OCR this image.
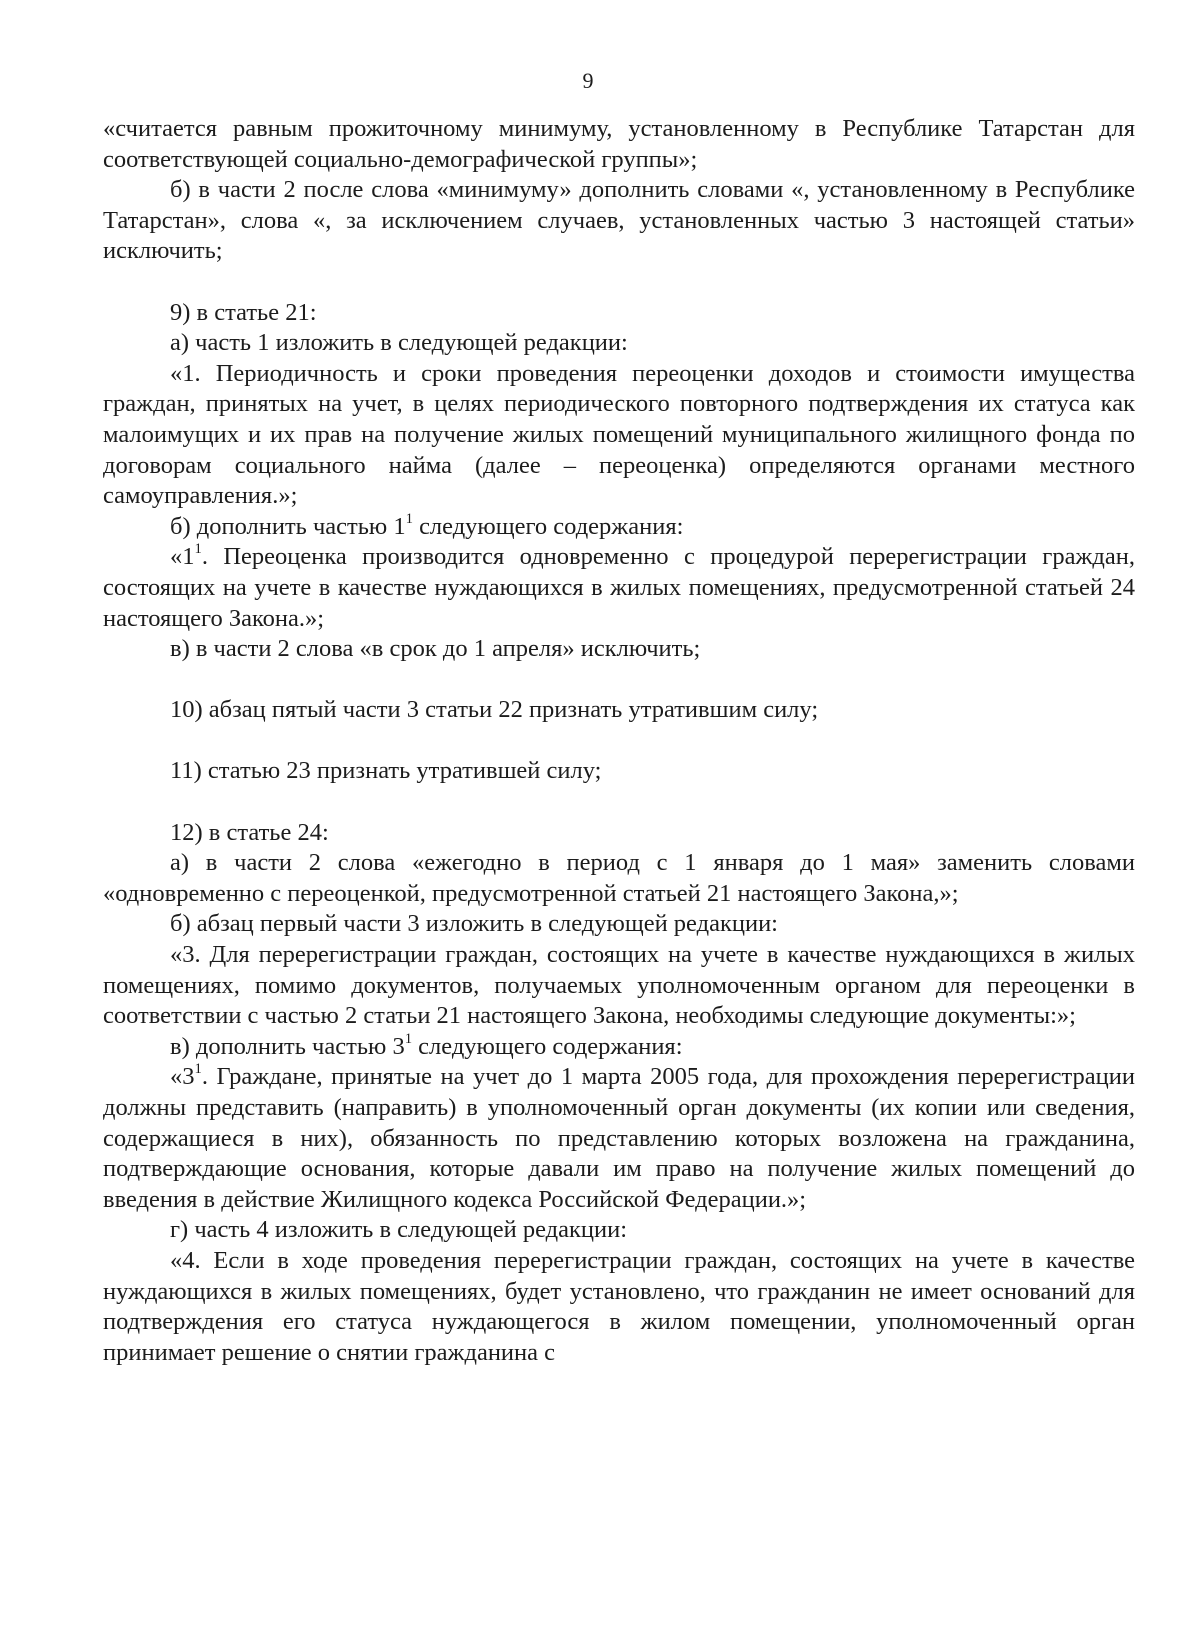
9

«считается равным прожиточному минимуму, установленному в Республике Татарстан для соответствующей социально-демографической группы»;

б) в части 2 после слова «минимуму» дополнить словами «, установленному в Республике Татарстан», слова «, за исключением случаев, установленных частью 3 настоящей статьи» исключить;

9) в статье 21:

а) часть 1 изложить в следующей редакции:

«1. Периодичность и сроки проведения переоценки доходов и стоимости имущества граждан, принятых на учет, в целях периодического повторного подтверждения их статуса как малоимущих и их прав на получение жилых помещений муниципального жилищного фонда по договорам социального найма (далее – переоценка) определяются органами местного самоуправления.»;

б) дополнить частью $1^1$ следующего содержания:

«$1^1$. Переоценка производится одновременно с процедурой перерегистрации граждан, состоящих на учете в качестве нуждающихся в жилых помещениях, предусмотренной статьей 24 настоящего Закона.»;

в) в части 2 слова «в срок до 1 апреля» исключить;

10) абзац пятый части 3 статьи 22 признать утратившим силу;

11) статью 23 признать утратившей силу;

12) в статье 24:

а) в части 2 слова «ежегодно в период с 1 января до 1 мая» заменить словами «одновременно с переоценкой, предусмотренной статьей 21 настоящего Закона,»;

б) абзац первый части 3 изложить в следующей редакции:

«3. Для перерегистрации граждан, состоящих на учете в качестве нуждающихся в жилых помещениях, помимо документов, получаемых уполномоченным органом для переоценки в соответствии с частью 2 статьи 21 настоящего Закона, необходимы следующие документы:»;

в) дополнить частью $3^1$ следующего содержания:

«$3^1$. Граждане, принятые на учет до 1 марта 2005 года, для прохождения перерегистрации должны представить (направить) в уполномоченный орган документы (их копии или сведения, содержащиеся в них), обязанность по представлению которых возложена на гражданина, подтверждающие основания, которые давали им право на получение жилых помещений до введения в действие Жилищного кодекса Российской Федерации.»;

г) часть 4 изложить в следующей редакции:

«4. Если в ходе проведения перерегистрации граждан, состоящих на учете в качестве нуждающихся в жилых помещениях, будет установлено, что гражданин не имеет оснований для подтверждения его статуса нуждающегося в жилом помещении, уполномоченный орган принимает решение о снятии гражданина с
